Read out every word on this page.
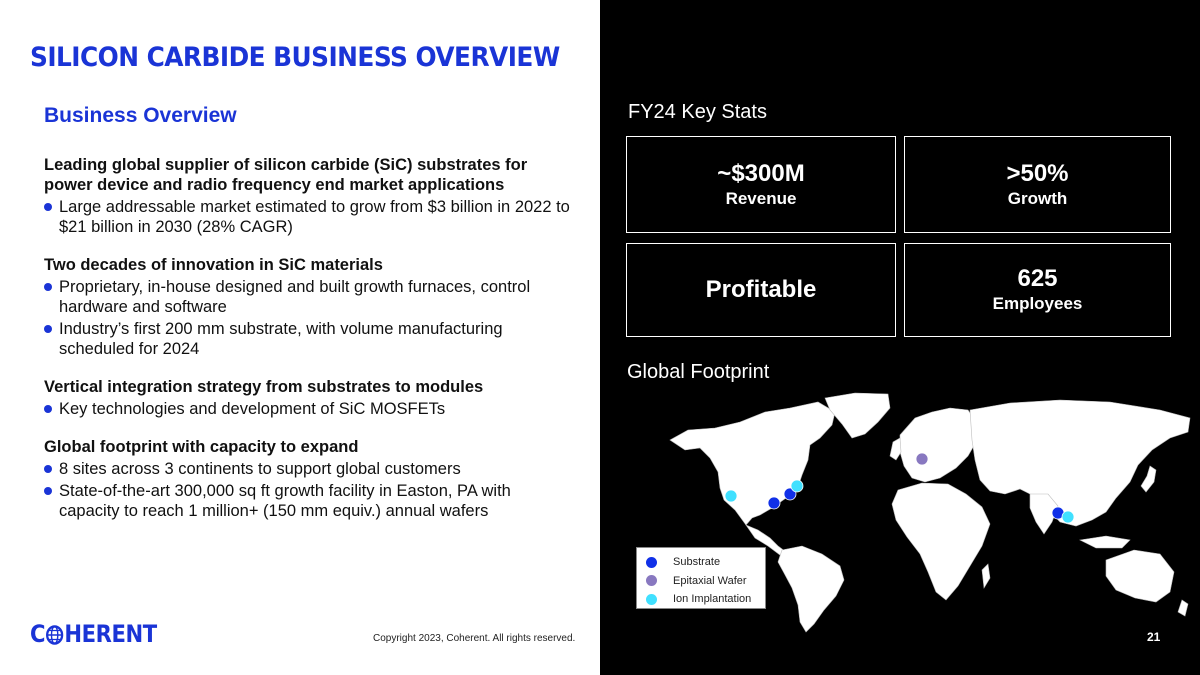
SILICON CARBIDE BUSINESS OVERVIEW
Business Overview
Leading global supplier of silicon carbide (SiC) substrates for power device and radio frequency end market applications
Large addressable market estimated to grow from $3 billion in 2022 to $21 billion in 2030 (28% CAGR)
Two decades of innovation in SiC materials
Proprietary, in-house designed and built growth furnaces, control hardware and software
Industry’s first 200 mm substrate, with volume manufacturing scheduled for 2024
Vertical integration strategy from substrates to modules
Key technologies and development of SiC MOSFETs
Global footprint with capacity to expand
8 sites across 3 continents to support global customers
State-of-the-art 300,000 sq ft growth facility in Easton, PA with capacity to reach 1 million+ (150 mm equiv.) annual wafers
C HERENT	Copyright 2023, Coherent. All rights reserved.
FY24 Key Stats
~$300M
Revenue
>50%
Growth
Profitable	625
Employees
Global Footprint
Substrate
Epitaxial Wafer
Ion Implantation
21
